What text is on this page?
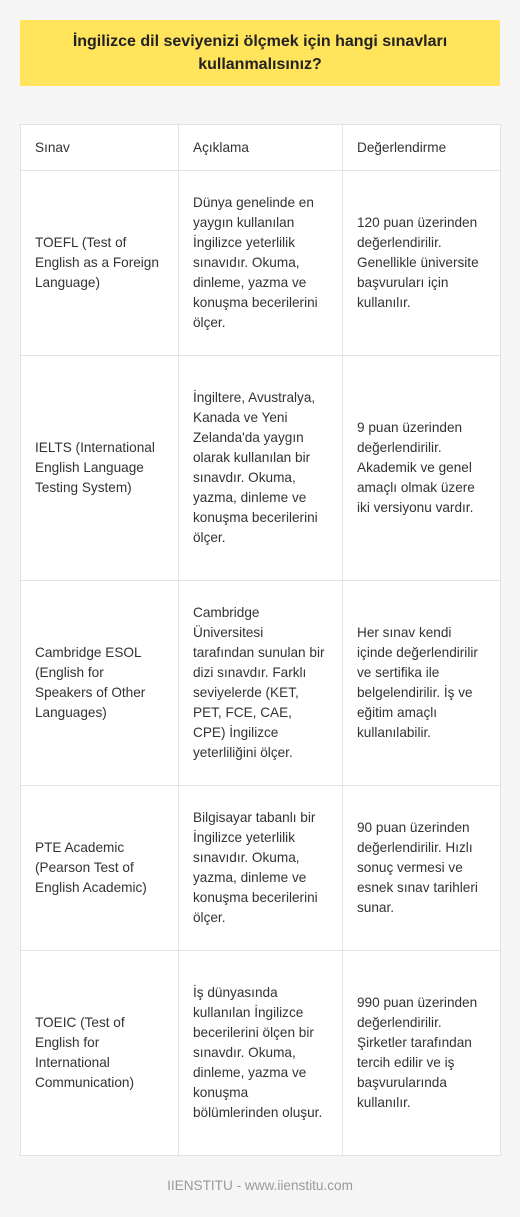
İngilizce dil seviyenizi ölçmek için hangi sınavları kullanmalısınız?
Sınav	Açıklama	Değerlendirme
TOEFL (Test of English as a Foreign Language)	Dünya genelinde en yaygın kullanılan İngilizce yeterlilik sınavıdır. Okuma, dinleme, yazma ve konuşma becerilerini ölçer.	120 puan üzerinden değerlendirilir. Genellikle üniversite başvuruları için kullanılır.
IELTS (International English Language Testing System)	İngiltere, Avustralya, Kanada ve Yeni Zelanda'da yaygın olarak kullanılan bir sınavdır. Okuma, yazma, dinleme ve konuşma becerilerini ölçer.	9 puan üzerinden değerlendirilir. Akademik ve genel amaçlı olmak üzere iki versiyonu vardır.
Cambridge ESOL (English for Speakers of Other Languages)	Cambridge Üniversitesi tarafından sunulan bir dizi sınavdır. Farklı seviyelerde (KET, PET, FCE, CAE, CPE) İngilizce yeterliliğini ölçer.	Her sınav kendi içinde değerlendirilir ve sertifika ile belgelendirilir. İş ve eğitim amaçlı kullanılabilir.
PTE Academic (Pearson Test of English Academic)	Bilgisayar tabanlı bir İngilizce yeterlilik sınavıdır. Okuma, yazma, dinleme ve konuşma becerilerini ölçer.	90 puan üzerinden değerlendirilir. Hızlı sonuç vermesi ve esnek sınav tarihleri sunar.
TOEIC (Test of English for International Communication)	İş dünyasında kullanılan İngilizce becerilerini ölçen bir sınavdır. Okuma, dinleme, yazma ve konuşma bölümlerinden oluşur.	990 puan üzerinden değerlendirilir. Şirketler tarafından tercih edilir ve iş başvurularında kullanılır.
IIENSTITU - www.iienstitu.com
